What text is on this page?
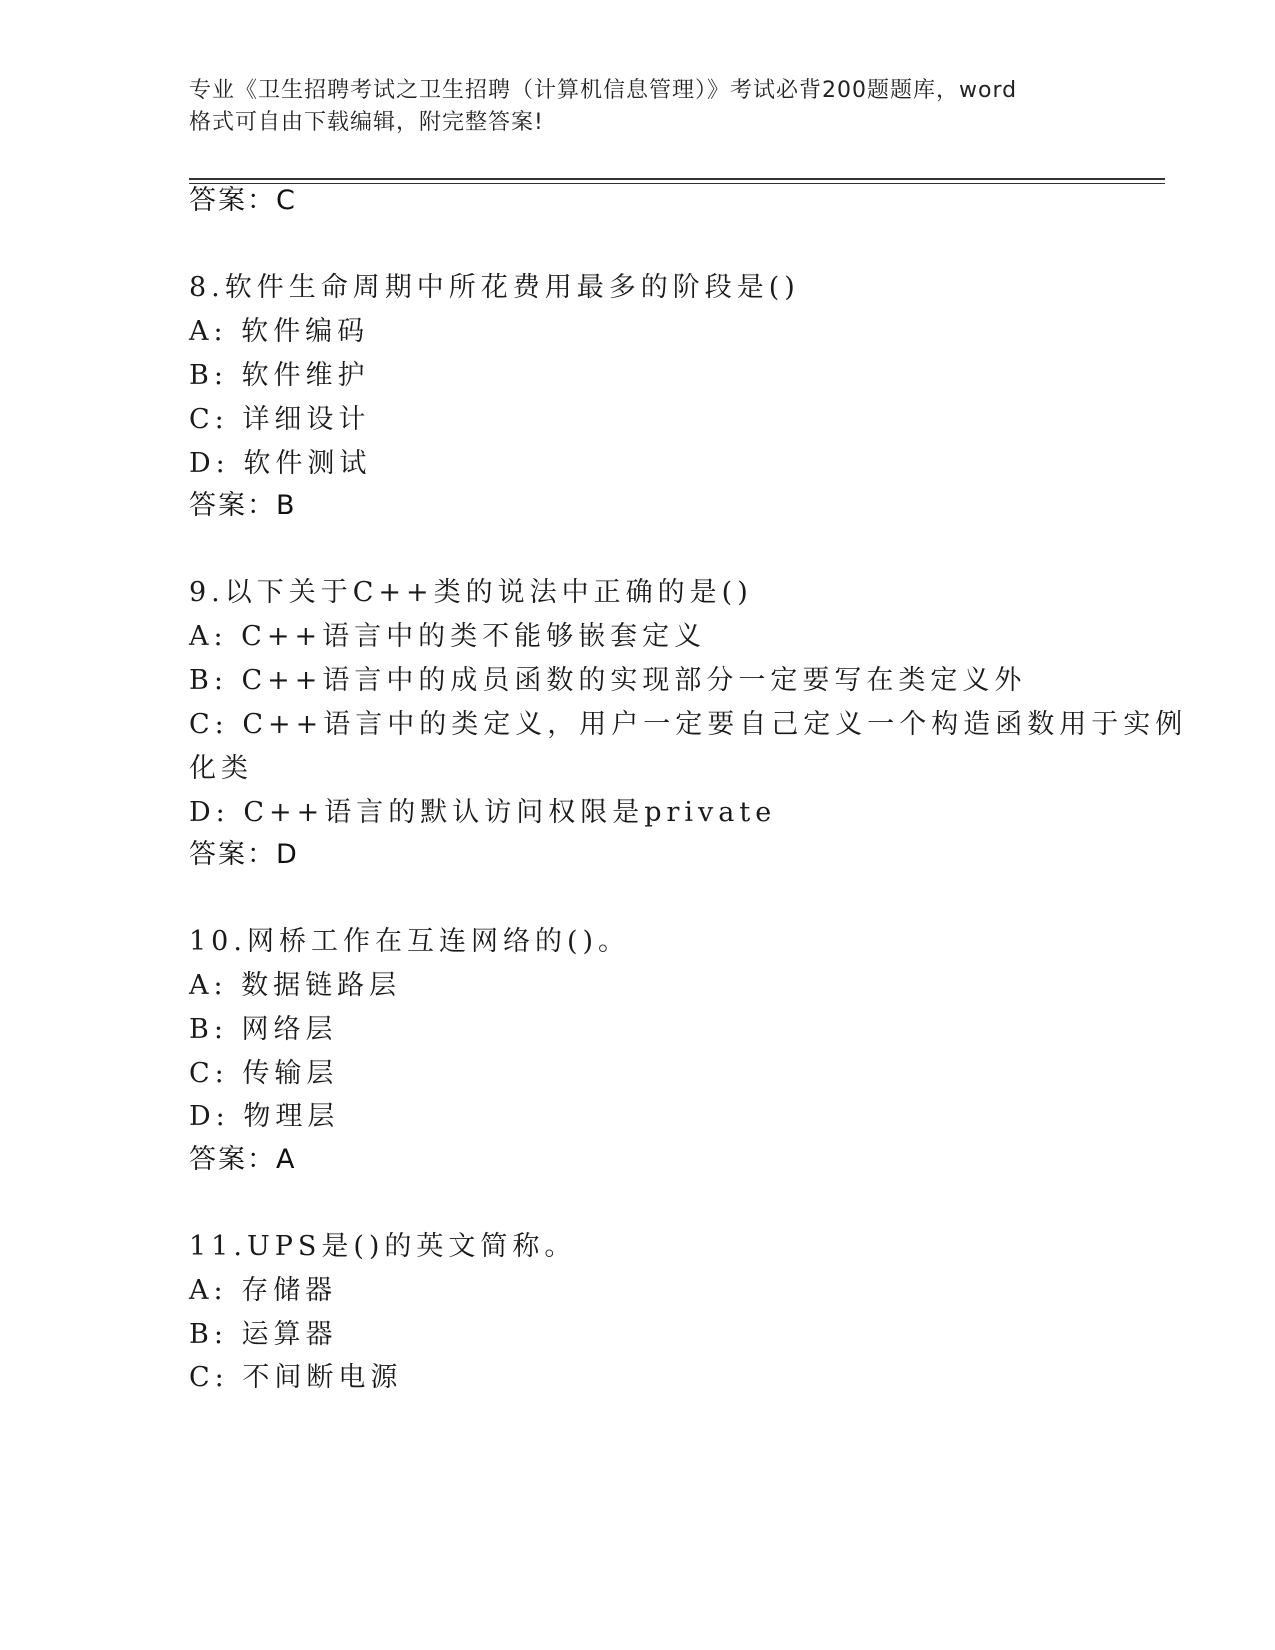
专业《卫生招聘考试之卫生招聘（计算机信息管理）》考试必背200题题库，word
格式可自由下载编辑，附完整答案!
答案：C
8.软件生命周期中所花费用最多的阶段是()
A: 软件编码
B: 软件维护
C: 详细设计
D: 软件测试
答案：B
9.以下关于C++类的说法中正确的是()
A: C++语言中的类不能够嵌套定义
B: C++语言中的成员函数的实现部分一定要写在类定义外
C: C++语言中的类定义，用户一定要自己定义一个构造函数用于实例
化类
D: C++语言的默认访问权限是private
答案：D
10.网桥工作在互连网络的()。
A: 数据链路层
B: 网络层
C: 传输层
D: 物理层
答案：A
11.UPS是()的英文简称。
A: 存储器
B: 运算器
C: 不间断电源
